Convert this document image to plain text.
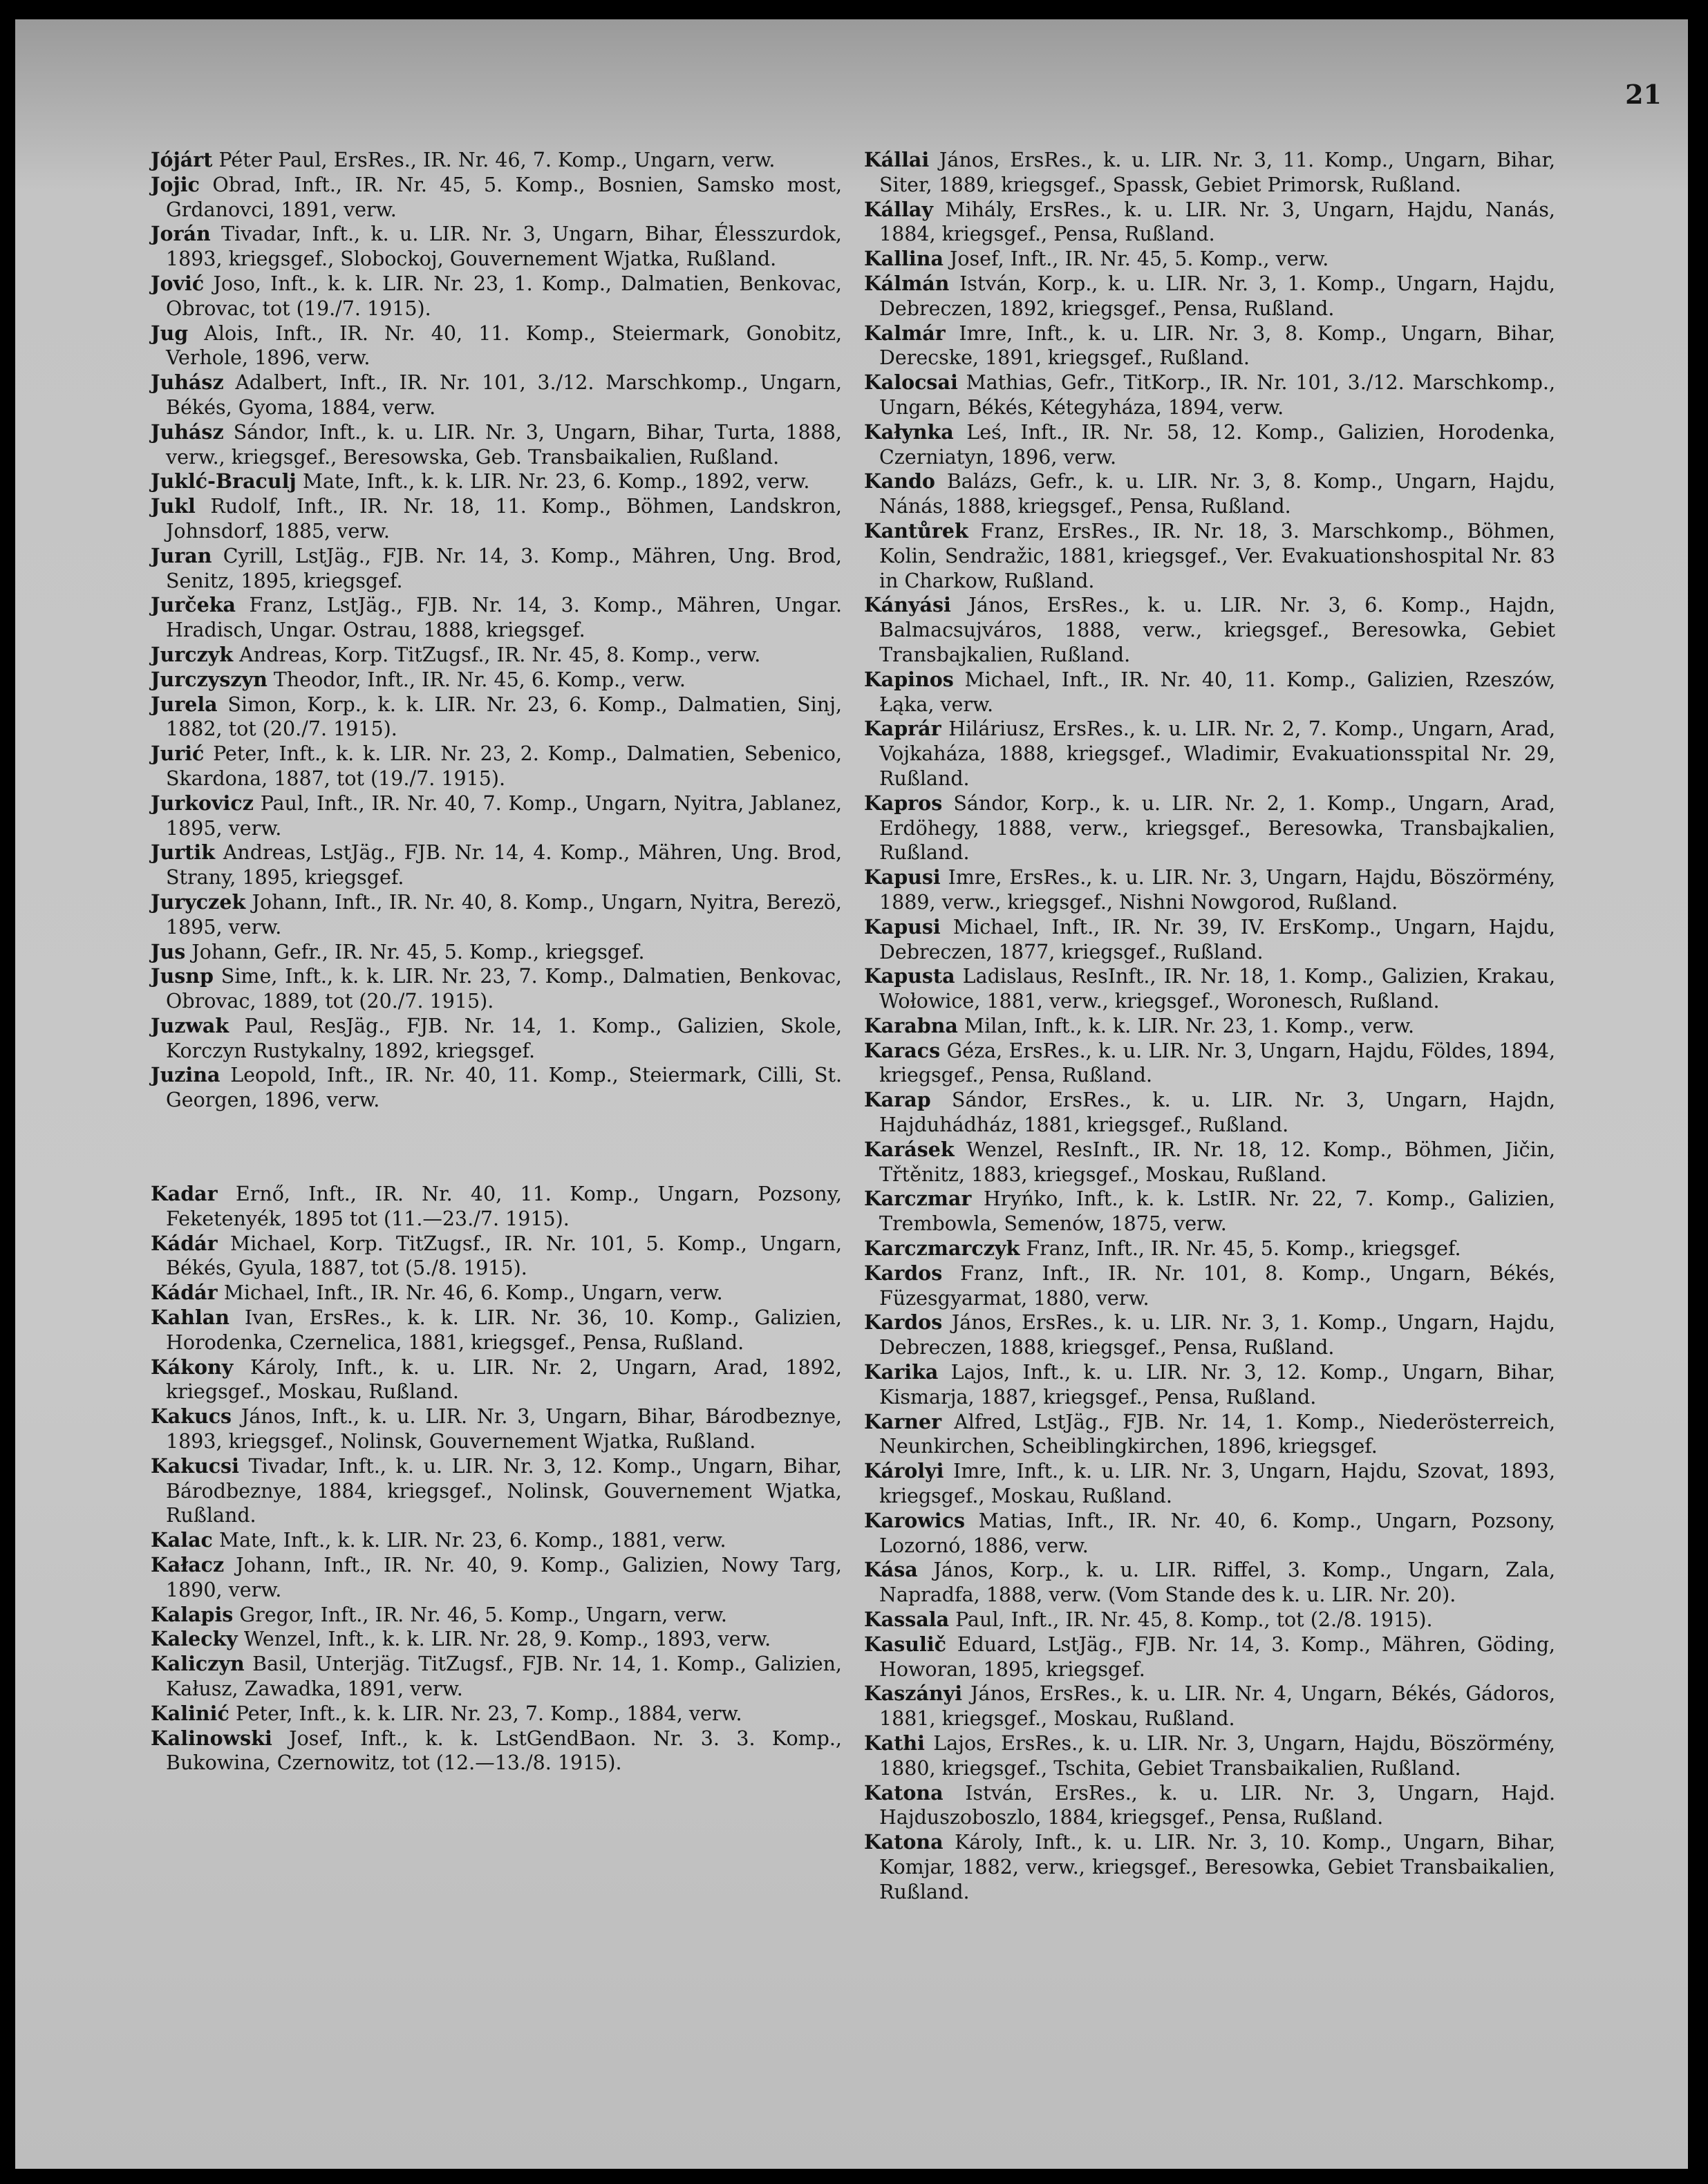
21

Jójárt Péter Paul, ErsRes., IR. Nr. 46, 7. Komp., Ungarn, verw.

Jojic Obrad, Inft., IR. Nr. 45, 5. Komp., Bosnien, Samsko most, Grdanovci, 1891, verw.

Jorán Tivadar, Inft., k. u. LIR. Nr. 3, Ungarn, Bihar, Élesszurdok, 1893, kriegsgef., Slobockoj, Gouvernement Wjatka, Rußland.

Jović Joso, Inft., k. k. LIR. Nr. 23, 1. Komp., Dalmatien, Benkovac, Obrovac, tot (19./7. 1915).

Jug Alois, Inft., IR. Nr. 40, 11. Komp., Steiermark, Gonobitz, Verhole, 1896, verw.

Juhász Adalbert, Inft., IR. Nr. 101, 3./12. Marschkomp., Ungarn, Békés, Gyoma, 1884, verw.

Juhász Sándor, Inft., k. u. LIR. Nr. 3, Ungarn, Bihar, Turta, 1888, verw., kriegsgef., Beresowska, Geb. Transbaikalien, Rußland.

Juklć-Braculj Mate, Inft., k. k. LIR. Nr. 23, 6. Komp., 1892, verw.

Jukl Rudolf, Inft., IR. Nr. 18, 11. Komp., Böhmen, Landskron, Johnsdorf, 1885, verw.

Juran Cyrill, LstJäg., FJB. Nr. 14, 3. Komp., Mähren, Ung. Brod, Senitz, 1895, kriegsgef.

Jurčeka Franz, LstJäg., FJB. Nr. 14, 3. Komp., Mähren, Ungar. Hradisch, Ungar. Ostrau, 1888, kriegsgef.

Jurczyk Andreas, Korp. TitZugsf., IR. Nr. 45, 8. Komp., verw.

Jurczyszyn Theodor, Inft., IR. Nr. 45, 6. Komp., verw.

Jurela Simon, Korp., k. k. LIR. Nr. 23, 6. Komp., Dalmatien, Sinj, 1882, tot (20./7. 1915).

Jurić Peter, Inft., k. k. LIR. Nr. 23, 2. Komp., Dalmatien, Sebenico, Skardona, 1887, tot (19./7. 1915).

Jurkovicz Paul, Inft., IR. Nr. 40, 7. Komp., Ungarn, Nyitra, Jablanez, 1895, verw.

Jurtik Andreas, LstJäg., FJB. Nr. 14, 4. Komp., Mähren, Ung. Brod, Strany, 1895, kriegsgef.

Juryczek Johann, Inft., IR. Nr. 40, 8. Komp., Ungarn, Nyitra, Berezö, 1895, verw.

Jus Johann, Gefr., IR. Nr. 45, 5. Komp., kriegsgef.

Jusnp Sime, Inft., k. k. LIR. Nr. 23, 7. Komp., Dalmatien, Benkovac, Obrovac, 1889, tot (20./7. 1915).

Juzwak Paul, ResJäg., FJB. Nr. 14, 1. Komp., Galizien, Skole, Korczyn Rustykalny, 1892, kriegsgef.

Juzina Leopold, Inft., IR. Nr. 40, 11. Komp., Steiermark, Cilli, St. Georgen, 1896, verw.

Kadar Ernő, Inft., IR. Nr. 40, 11. Komp., Ungarn, Pozsony, Feketenyék, 1895 tot (11.—23./7. 1915).

Kádár Michael, Korp. TitZugsf., IR. Nr. 101, 5. Komp., Ungarn, Békés, Gyula, 1887, tot (5./8. 1915).

Kádár Michael, Inft., IR. Nr. 46, 6. Komp., Ungarn, verw.

Kahlan Ivan, ErsRes., k. k. LIR. Nr. 36, 10. Komp., Galizien, Horodenka, Czernelica, 1881, kriegsgef., Pensa, Rußland.

Kákony Károly, Inft., k. u. LIR. Nr. 2, Ungarn, Arad, 1892, kriegsgef., Moskau, Rußland.

Kakucs János, Inft., k. u. LIR. Nr. 3, Ungarn, Bihar, Bárodbeznye, 1893, kriegsgef., Nolinsk, Gouvernement Wjatka, Rußland.

Kakucsi Tivadar, Inft., k. u. LIR. Nr. 3, 12. Komp., Ungarn, Bihar, Bárodbeznye, 1884, kriegsgef., Nolinsk, Gouvernement Wjatka, Rußland.

Kalac Mate, Inft., k. k. LIR. Nr. 23, 6. Komp., 1881, verw.

Kałacz Johann, Inft., IR. Nr. 40, 9. Komp., Galizien, Nowy Targ, 1890, verw.

Kalapis Gregor, Inft., IR. Nr. 46, 5. Komp., Ungarn, verw.

Kalecky Wenzel, Inft., k. k. LIR. Nr. 28, 9. Komp., 1893, verw.

Kaliczyn Basil, Unterjäg. TitZugsf., FJB. Nr. 14, 1. Komp., Galizien, Kałusz, Zawadka, 1891, verw.

Kalinić Peter, Inft., k. k. LIR. Nr. 23, 7. Komp., 1884, verw.

Kalinowski Josef, Inft., k. k. LstGendBaon. Nr. 3. 3. Komp., Bukowina, Czernowitz, tot (12.—13./8. 1915).

Kállai János, ErsRes., k. u. LIR. Nr. 3, 11. Komp., Ungarn, Bihar, Siter, 1889, kriegsgef., Spassk, Gebiet Primorsk, Rußland.

Kállay Mihály, ErsRes., k. u. LIR. Nr. 3, Ungarn, Hajdu, Nanás, 1884, kriegsgef., Pensa, Rußland.

Kallina Josef, Inft., IR. Nr. 45, 5. Komp., verw.

Kálmán István, Korp., k. u. LIR. Nr. 3, 1. Komp., Ungarn, Hajdu, Debreczen, 1892, kriegsgef., Pensa, Rußland.

Kalmár Imre, Inft., k. u. LIR. Nr. 3, 8. Komp., Ungarn, Bihar, Derecske, 1891, kriegsgef., Rußland.

Kalocsai Mathias, Gefr., TitKorp., IR. Nr. 101, 3./12. Marschkomp., Ungarn, Békés, Kétegyháza, 1894, verw.

Kałynka Leś, Inft., IR. Nr. 58, 12. Komp., Galizien, Horodenka, Czerniatyn, 1896, verw.

Kando Balázs, Gefr., k. u. LIR. Nr. 3, 8. Komp., Ungarn, Hajdu, Nánás, 1888, kriegsgef., Pensa, Rußland.

Kantůrek Franz, ErsRes., IR. Nr. 18, 3. Marschkomp., Böhmen, Kolin, Sendražic, 1881, kriegsgef., Ver. Evakuationshospital Nr. 83 in Charkow, Rußland.

Kányási János, ErsRes., k. u. LIR. Nr. 3, 6. Komp., Hajdn, Balmacsujváros, 1888, verw., kriegsgef., Beresowka, Gebiet Transbajkalien, Rußland.

Kapinos Michael, Inft., IR. Nr. 40, 11. Komp., Galizien, Rzeszów, Łąka, verw.

Kaprár Hiláriusz, ErsRes., k. u. LIR. Nr. 2, 7. Komp., Ungarn, Arad, Vojkaháza, 1888, kriegsgef., Wladimir, Evakuationsspital Nr. 29, Rußland.

Kapros Sándor, Korp., k. u. LIR. Nr. 2, 1. Komp., Ungarn, Arad, Erdöhegy, 1888, verw., kriegsgef., Beresowka, Transbajkalien, Rußland.

Kapusi Imre, ErsRes., k. u. LIR. Nr. 3, Ungarn, Hajdu, Böszörmény, 1889, verw., kriegsgef., Nishni Nowgorod, Rußland.

Kapusi Michael, Inft., IR. Nr. 39, IV. ErsKomp., Ungarn, Hajdu, Debreczen, 1877, kriegsgef., Rußland.

Kapusta Ladislaus, ResInft., IR. Nr. 18, 1. Komp., Galizien, Krakau, Wołowice, 1881, verw., kriegsgef., Woronesch, Rußland.

Karabna Milan, Inft., k. k. LIR. Nr. 23, 1. Komp., verw.

Karacs Géza, ErsRes., k. u. LIR. Nr. 3, Ungarn, Hajdu, Földes, 1894, kriegsgef., Pensa, Rußland.

Karap Sándor, ErsRes., k. u. LIR. Nr. 3, Ungarn, Hajdn, Hajduhádház, 1881, kriegsgef., Rußland.

Karásek Wenzel, ResInft., IR. Nr. 18, 12. Komp., Böhmen, Jičin, Třtěnitz, 1883, kriegsgef., Moskau, Rußland.

Karczmar Hryńko, Inft., k. k. LstIR. Nr. 22, 7. Komp., Galizien, Trembowla, Semenów, 1875, verw.

Karczmarczyk Franz, Inft., IR. Nr. 45, 5. Komp., kriegsgef.

Kardos Franz, Inft., IR. Nr. 101, 8. Komp., Ungarn, Békés, Füzesgyarmat, 1880, verw.

Kardos János, ErsRes., k. u. LIR. Nr. 3, 1. Komp., Ungarn, Hajdu, Debreczen, 1888, kriegsgef., Pensa, Rußland.

Karika Lajos, Inft., k. u. LIR. Nr. 3, 12. Komp., Ungarn, Bihar, Kismarja, 1887, kriegsgef., Pensa, Rußland.

Karner Alfred, LstJäg., FJB. Nr. 14, 1. Komp., Niederösterreich, Neunkirchen, Scheiblingkirchen, 1896, kriegsgef.

Károlyi Imre, Inft., k. u. LIR. Nr. 3, Ungarn, Hajdu, Szovat, 1893, kriegsgef., Moskau, Rußland.

Karowics Matias, Inft., IR. Nr. 40, 6. Komp., Ungarn, Pozsony, Lozornó, 1886, verw.

Kása János, Korp., k. u. LIR. Riffel, 3. Komp., Ungarn, Zala, Napradfa, 1888, verw. (Vom Stande des k. u. LIR. Nr. 20).

Kassala Paul, Inft., IR. Nr. 45, 8. Komp., tot (2./8. 1915).

Kasulič Eduard, LstJäg., FJB. Nr. 14, 3. Komp., Mähren, Göding, Howoran, 1895, kriegsgef.

Kaszányi János, ErsRes., k. u. LIR. Nr. 4, Ungarn, Békés, Gádoros, 1881, kriegsgef., Moskau, Rußland.

Kathi Lajos, ErsRes., k. u. LIR. Nr. 3, Ungarn, Hajdu, Böszörmény, 1880, kriegsgef., Tschita, Gebiet Transbaikalien, Rußland.

Katona István, ErsRes., k. u. LIR. Nr. 3, Ungarn, Hajd. Hajduszoboszlo, 1884, kriegsgef., Pensa, Rußland.

Katona Károly, Inft., k. u. LIR. Nr. 3, 10. Komp., Ungarn, Bihar, Komjar, 1882, verw., kriegsgef., Beresowka, Gebiet Transbaikalien, Rußland.
